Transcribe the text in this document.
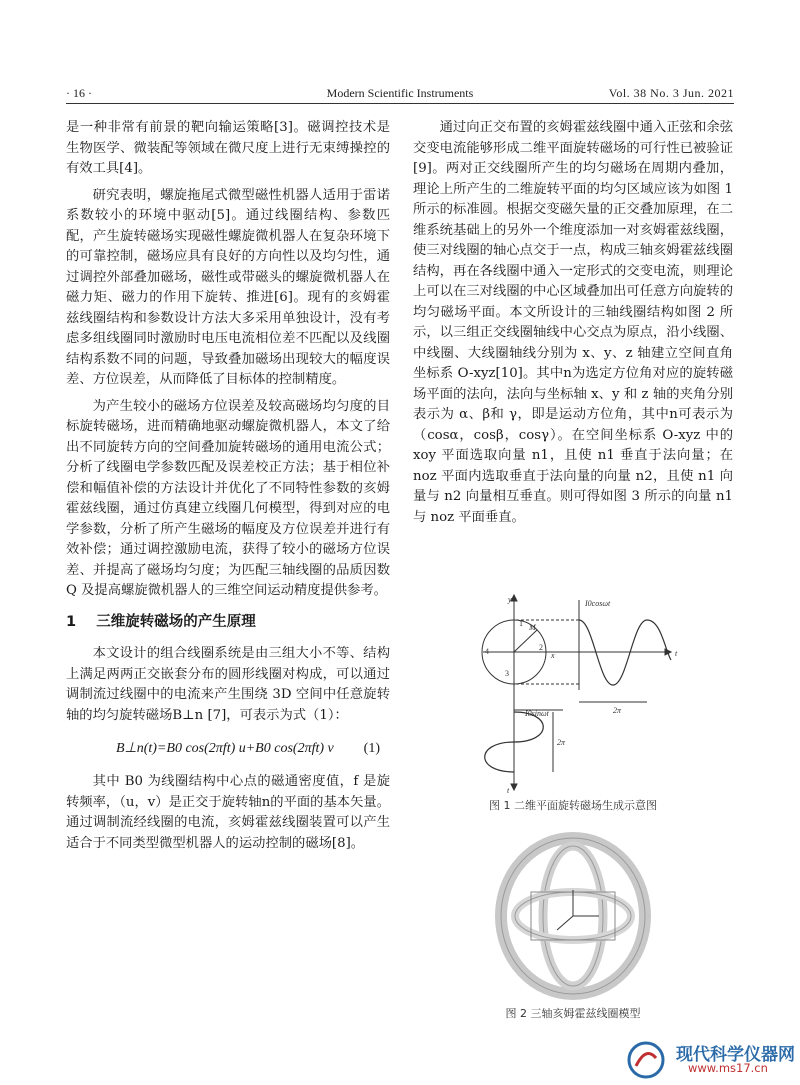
· 16 ·	Modern Scientific Instruments	Vol. 38 No. 3 Jun. 2021

是一种非常有前景的靶向输运策略[3]。磁调控技术是生物医学、微装配等领域在微尺度上进行无束缚操控的有效工具[4]。

研究表明，螺旋拖尾式微型磁性机器人适用于雷诺系数较小的环境中驱动[5]。通过线圈结构、参数匹配，产生旋转磁场实现磁性螺旋微机器人在复杂环境下的可靠控制，磁场应具有良好的方向性以及均匀性，通过调控外部叠加磁场，磁性或带磁头的螺旋微机器人在磁力矩、磁力的作用下旋转、推进[6]。现有的亥姆霍兹线圈结构和参数设计方法大多采用单独设计，没有考虑多组线圈同时激励时电压电流相位差不匹配以及线圈结构系数不同的问题，导致叠加磁场出现较大的幅度误差、方位误差，从而降低了目标体的控制精度。

为产生较小的磁场方位误差及较高磁场均匀度的目标旋转磁场，进而精确地驱动螺旋微机器人，本文了给出不同旋转方向的空间叠加旋转磁场的通用电流公式；分析了线圈电学参数匹配及误差校正方法；基于相位补偿和幅值补偿的方法设计并优化了不同特性参数的亥姆霍兹线圈，通过仿真建立线圈几何模型，得到对应的电学参数，分析了所产生磁场的幅度及方位误差并进行有效补偿；通过调控激励电流，获得了较小的磁场方位误差、并提高了磁场均匀度；为匹配三轴线圈的品质因数 Q 及提高螺旋微机器人的三维空间运动精度提供参考。

1 三维旋转磁场的产生原理

本文设计的组合线圈系统是由三组大小不等、结构上满足两两正交嵌套分布的圆形线圈对构成，可以通过调制流过线圈中的电流来产生围绕 3D 空间中任意旋转轴的均匀旋转磁场B⊥n [7]，可表示为式（1）：

B⊥n(t)=B0 cos(2πft) u+B0 cos(2πft) v (1)

其中 B0 为线圈结构中心点的磁通密度值，f 是旋转频率，（u，v）是正交于旋转轴n的平面的基本矢量。通过调制流经线圈的电流，亥姆霍兹线圈装置可以产生适合于不同类型微型机器人的运动控制的磁场[8]。

通过向正交布置的亥姆霍兹线圈中通入正弦和余弦交变电流能够形成二维平面旋转磁场的可行性已被验证[9]。两对正交线圈所产生的均匀磁场在周期内叠加，理论上所产生的二维旋转平面的均匀区域应该为如图 1 所示的标准圆。根据交变磁矢量的正交叠加原理，在二维系统基础上的另外一个维度添加一对亥姆霍兹线圈，使三对线圈的轴心点交于一点，构成三轴亥姆霍兹线圈结构，再在各线圈中通入一定形式的交变电流，则理论上可以在三对线圈的中心区域叠加出可任意方向旋转的均匀磁场平面。本文所设计的三轴线圈结构如图 2 所示，以三组正交线圈轴线中心交点为原点，沿小线圈、中线圈、大线圈轴线分别为 x、y、z 轴建立空间直角坐标系 O-xyz[10]。其中n为选定方位角对应的旋转磁场平面的法向，法向与坐标轴 x、y 和 z 轴的夹角分别表示为 α、β和 γ，即是运动方位角，其中n可表示为（cosα，cosβ，cosγ）。在空间坐标系 O-xyz 中的 xoy 平面选取向量 n1，且使 n1 垂直于法向量；在 noz 平面内选取垂直于法向量的向量 n2，且使 n1 向量与 n2 向量相互垂直。则可得如图 3 所示的向量 n1 与 noz 平面垂直。

I0cosωt
I0sinωt	2π
2π
x
y
t
t
M
1
2
3
4
图 1 二维平面旋转磁场生成示意图
图 2 三轴亥姆霍兹线圈模型
现代科学仪器网
www.ms17.cn
